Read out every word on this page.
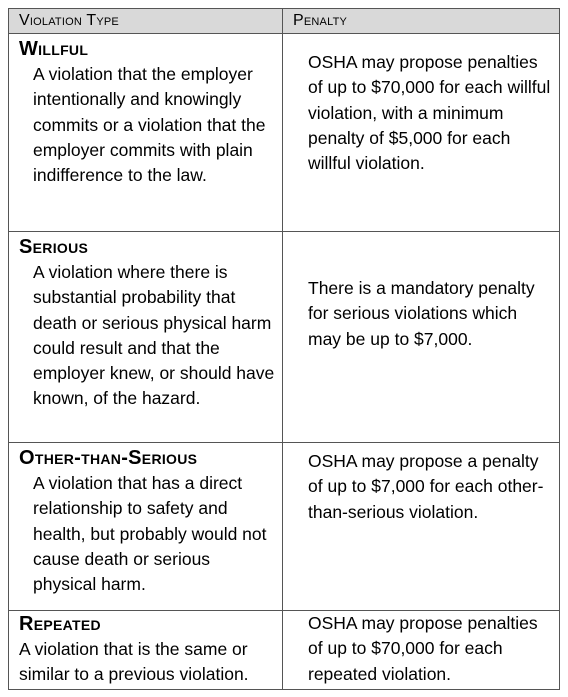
Violation Type	Penalty

Willful
A violation that the employer intentionally and knowingly commits or a violation that the employer commits with plain indifference to the law.	OSHA may propose penalties of up to $70,000 for each willful violation, with a minimum penalty of $5,000 for each willful violation.

Serious
A violation where there is substantial probability that death or serious physical harm could result and that the employer knew, or should have known, of the hazard.	There is a mandatory penalty for serious violations which may be up to $7,000.

Other-than-Serious
A violation that has a direct relationship to safety and health, but probably would not cause death or serious physical harm.	OSHA may propose a penalty of up to $7,000 for each other-than-serious violation.

Repeated
A violation that is the same or similar to a previous violation.	OSHA may propose penalties of up to $70,000 for each repeated violation.
